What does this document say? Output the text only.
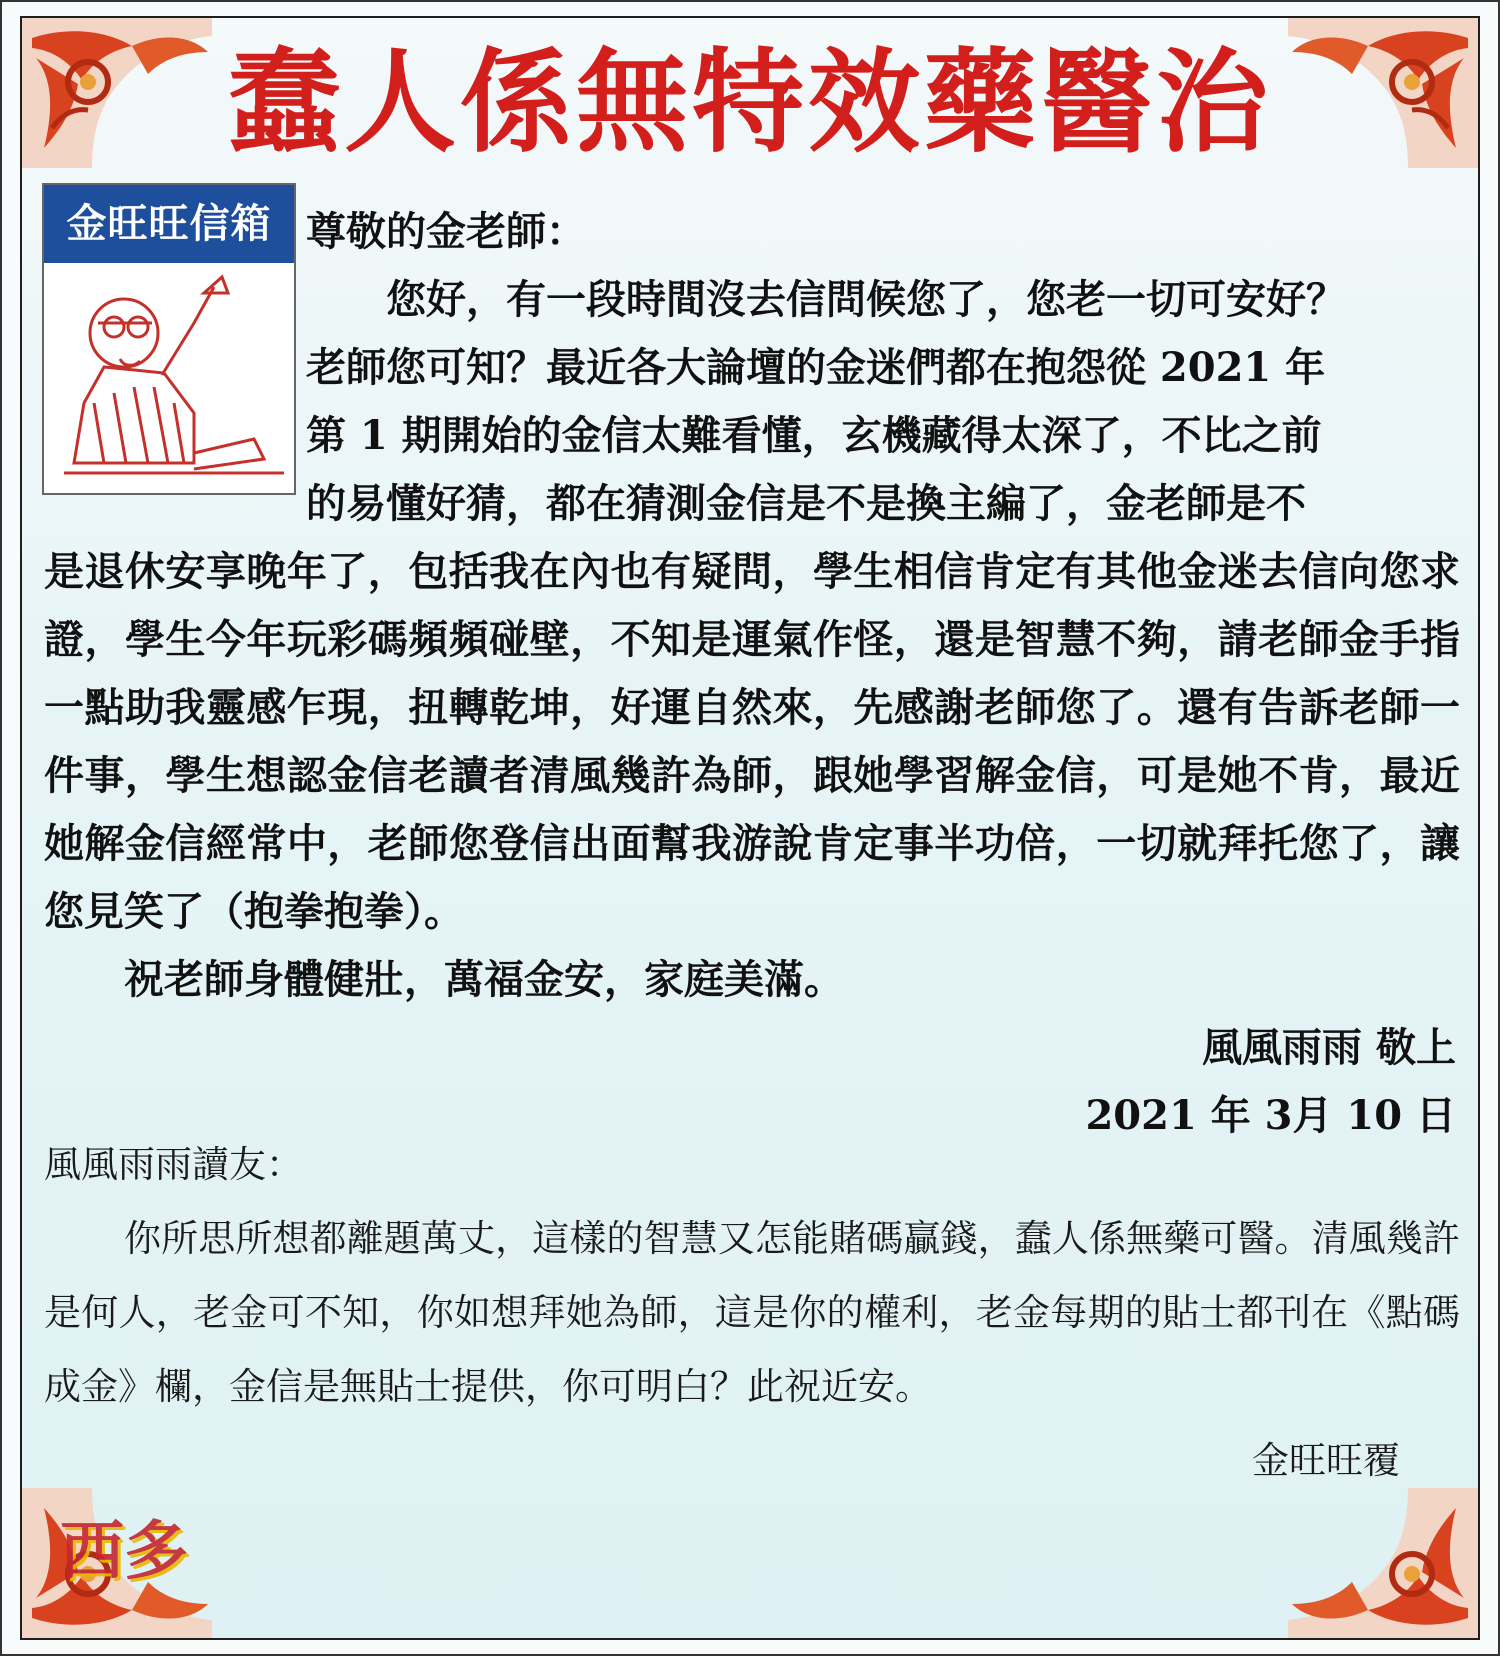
蠢人係無特效藥醫治
金旺旺信箱 尊敬的金老師：

　　您好，有一段時間沒去信問候您了，您老一切可安好？

老師您可知？最近各大論壇的金迷們都在抱怨從 2021 年

第 1 期開始的金信太難看懂，玄機藏得太深了，不比之前

的易懂好猜，都在猜測金信是不是換主編了，金老師是不

是退休安享晚年了，包括我在內也有疑問，學生相信肯定有其他金迷去信向您求證，學生今年玩彩碼頻頻碰壁，不知是運氣作怪，還是智慧不夠，請老師金手指一點助我靈感乍現，扭轉乾坤，好運自然來，先感謝老師您了。還有告訴老師一件事，學生想認金信老讀者清風幾許為師，跟她學習解金信，可是她不肯，最近她解金信經常中，老師您登信出面幫我游說肯定事半功倍，一切就拜托您了，讓您見笑了（抱拳抱拳）。

祝老師身體健壯，萬福金安，家庭美滿。

風風雨雨 敬上

2021 年 3月 10 日

風風雨雨讀友：

你所思所想都離題萬丈，這樣的智慧又怎能賭碼贏錢，蠢人係無藥可醫。清風幾許是何人，老金可不知，你如想拜她為師，這是你的權利，老金每期的貼士都刊在《點碼成金》欄，金信是無貼士提供，你可明白？此祝近安。

金旺旺覆

西多
